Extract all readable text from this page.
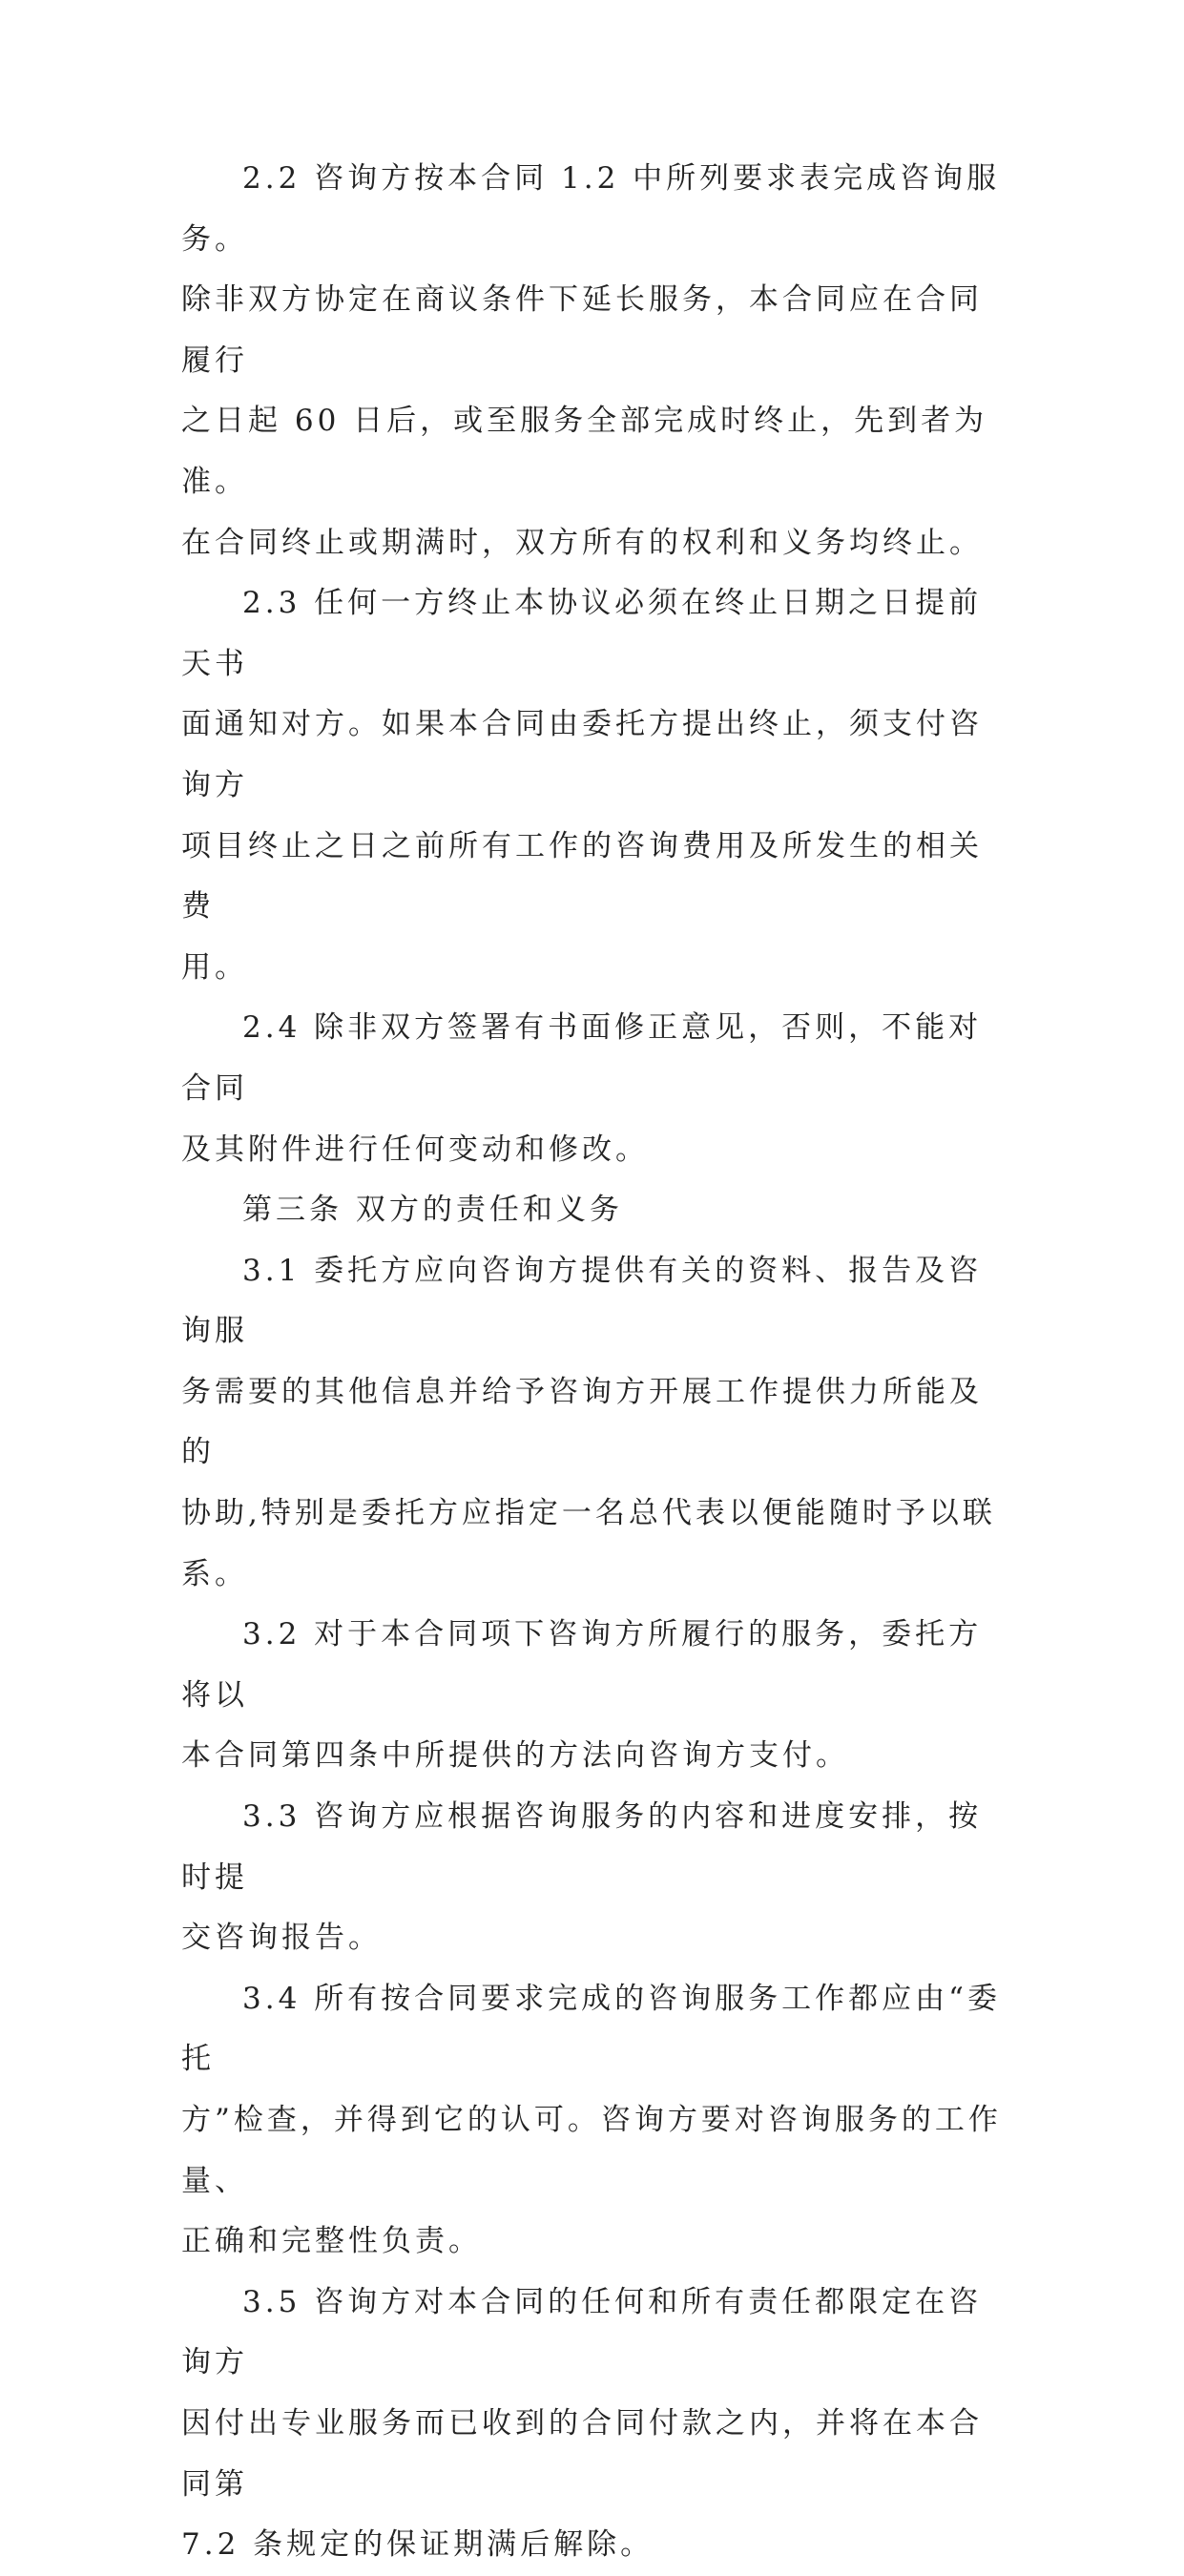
2.2 咨询方按本合同 1.2 中所列要求表完成咨询服务。
除非双方协定在商议条件下延长服务，本合同应在合同履行
之日起 60 日后，或至服务全部完成时终止，先到者为准。
在合同终止或期满时，双方所有的权利和义务均终止。

2.3 任何一方终止本协议必须在终止日期之日提前天书
面通知对方。如果本合同由委托方提出终止，须支付咨询方
项目终止之日之前所有工作的咨询费用及所发生的相关费
用。

2.4 除非双方签署有书面修正意见，否则，不能对合同
及其附件进行任何变动和修改。

第三条 双方的责任和义务

3.1 委托方应向咨询方提供有关的资料、报告及咨询服
务需要的其他信息并给予咨询方开展工作提供力所能及的
协助,特别是委托方应指定一名总代表以便能随时予以联系。

3.2 对于本合同项下咨询方所履行的服务，委托方将以
本合同第四条中所提供的方法向咨询方支付。

3.3 咨询方应根据咨询服务的内容和进度安排，按时提
交咨询报告。

3.4 所有按合同要求完成的咨询服务工作都应由“委托
方”检查，并得到它的认可。咨询方要对咨询服务的工作量、
正确和完整性负责。

3.5 咨询方对本合同的任何和所有责任都限定在咨询方
因付出专业服务而已收到的合同付款之内，并将在本合同第
7.2 条规定的保证期满后解除。
